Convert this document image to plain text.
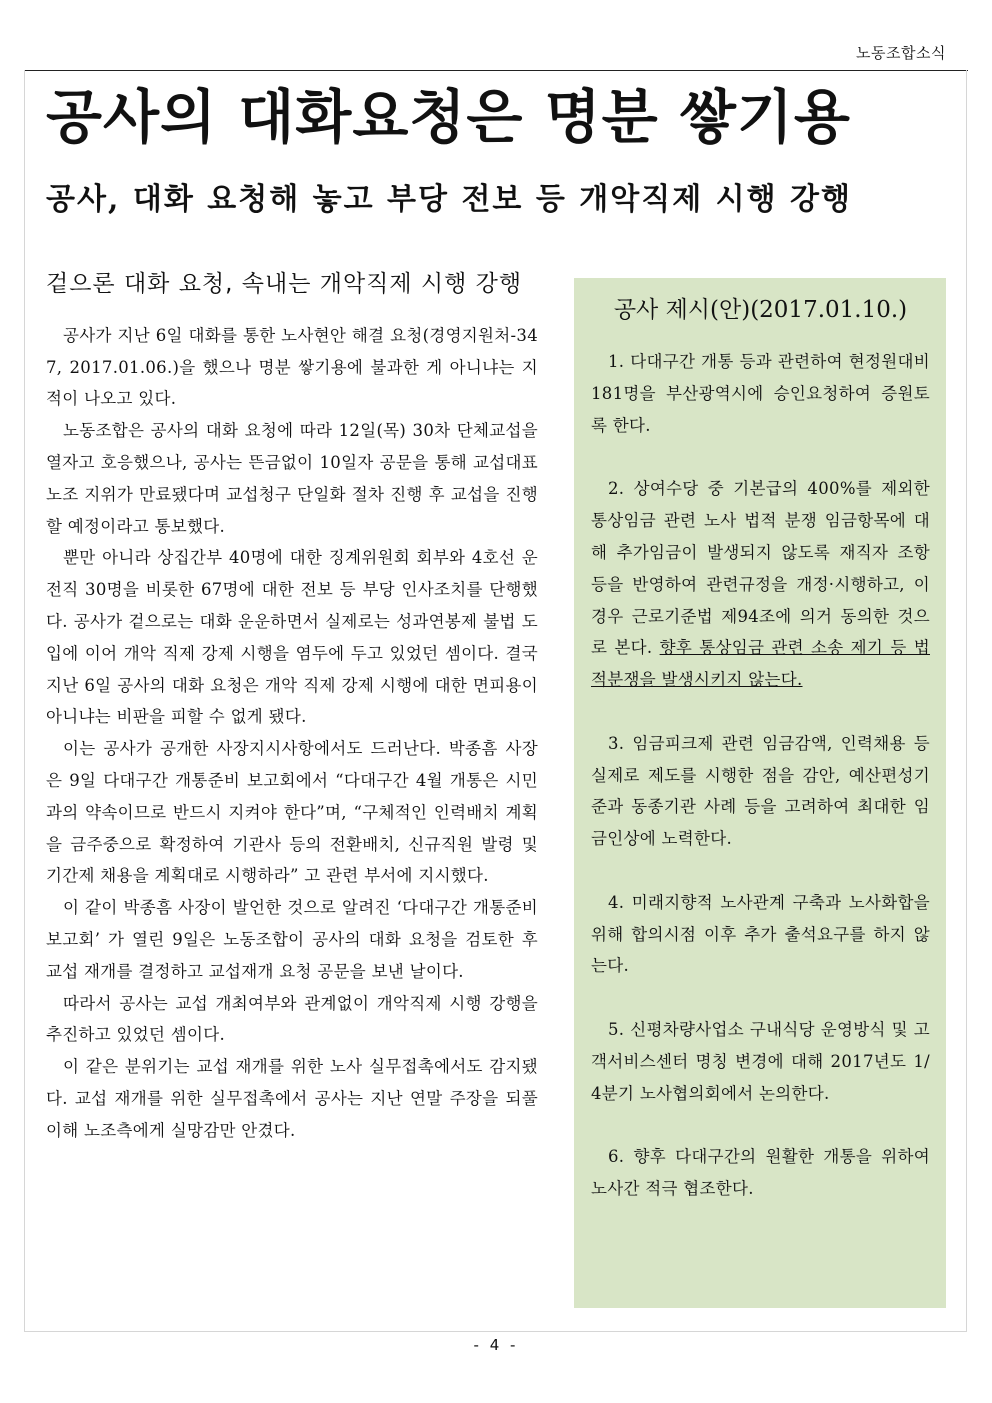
노동조합소식
공사의 대화요청은 명분 쌓기용
공사, 대화 요청해 놓고 부당 전보 등 개악직제 시행 강행
겉으론 대화 요청, 속내는 개악직제 시행 강행

공사가 지난 6일 대화를 통한 노사현안 해결 요청(경영지원처-347, 2017.01.06.)을 했으나 명분 쌓기용에 불과한 게 아니냐는 지적이 나오고 있다.

노동조합은 공사의 대화 요청에 따라 12일(목) 30차 단체교섭을 열자고 호응했으나, 공사는 뜬금없이 10일자 공문을 통해 교섭대표노조 지위가 만료됐다며 교섭청구 단일화 절차 진행 후 교섭을 진행할 예정이라고 통보했다.

뿐만 아니라 상집간부 40명에 대한 징계위원회 회부와 4호선 운전직 30명을 비롯한 67명에 대한 전보 등 부당 인사조치를 단행했다. 공사가 겉으로는 대화 운운하면서 실제로는 성과연봉제 불법 도입에 이어 개악 직제 강제 시행을 염두에 두고 있었던 셈이다. 결국 지난 6일 공사의 대화 요청은 개악 직제 강제 시행에 대한 면피용이 아니냐는 비판을 피할 수 없게 됐다.

이는 공사가 공개한 사장지시사항에서도 드러난다. 박종흠 사장은 9일 다대구간 개통준비 보고회에서 “다대구간 4월 개통은 시민과의 약속이므로 반드시 지켜야 한다”며, “구체적인 인력배치 계획을 금주중으로 확정하여 기관사 등의 전환배치, 신규직원 발령 및 기간제 채용을 계획대로 시행하라” 고 관련 부서에 지시했다.

이 같이 박종흠 사장이 발언한 것으로 알려진 ‘다대구간 개통준비 보고회’ 가 열린 9일은 노동조합이 공사의 대화 요청을 검토한 후 교섭 재개를 결정하고 교섭재개 요청 공문을 보낸 날이다.

따라서 공사는 교섭 개최여부와 관계없이 개악직제 시행 강행을 추진하고 있었던 셈이다.

이 같은 분위기는 교섭 재개를 위한 노사 실무접촉에서도 감지됐다. 교섭 재개를 위한 실무접촉에서 공사는 지난 연말 주장을 되풀이해 노조측에게 실망감만 안겼다.

공사 제시(안)(2017.01.10.)
1. 다대구간 개통 등과 관련하여 현정원대비 181명을 부산광역시에 승인요청하여 증원토록 한다.
2. 상여수당 중 기본급의 400%를 제외한 통상임금 관련 노사 법적 분쟁 임금항목에 대해 추가임금이 발생되지 않도록 재직자 조항 등을 반영하여 관련규정을 개정·시행하고, 이 경우 근로기준법 제94조에 의거 동의한 것으로 본다. 향후 통상임금 관련 소송 제기 등 법적분쟁을 발생시키지 않는다.
3. 임금피크제 관련 임금감액, 인력채용 등 실제로 제도를 시행한 점을 감안, 예산편성기준과 동종기관 사례 등을 고려하여 최대한 임금인상에 노력한다.
4. 미래지향적 노사관계 구축과 노사화합을 위해 합의시점 이후 추가 출석요구를 하지 않는다.
5. 신평차량사업소 구내식당 운영방식 및 고객서비스센터 명칭 변경에 대해 2017년도 1/4분기 노사협의회에서 논의한다.
6. 향후 다대구간의 원활한 개통을 위하여 노사간 적극 협조한다.
- 4 -
